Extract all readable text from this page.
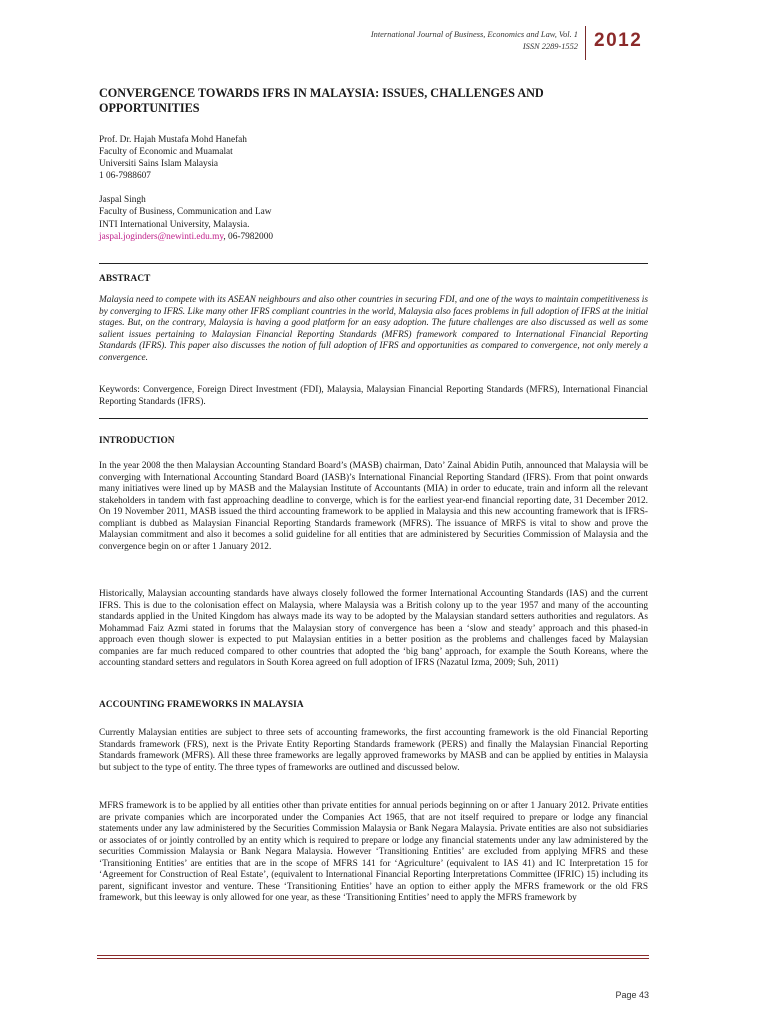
International Journal of Business, Economics and Law, Vol. 1
ISSN 2289-1552 2012
CONVERGENCE TOWARDS IFRS IN MALAYSIA: ISSUES, CHALLENGES AND OPPORTUNITIES
Prof. Dr. Hajah Mustafa Mohd Hanefah
Faculty of Economic and Muamalat
Universiti Sains Islam Malaysia
1 06-7988607
Jaspal Singh
Faculty of Business, Communication and Law
INTI International University, Malaysia.
jaspal.joginders@newinti.edu.my, 06-7982000
ABSTRACT

Malaysia need to compete with its ASEAN neighbours and also other countries in securing FDI, and one of the ways to maintain competitiveness is by converging to IFRS. Like many other IFRS compliant countries in the world, Malaysia also faces problems in full adoption of IFRS at the initial stages. But, on the contrary, Malaysia is having a good platform for an easy adoption. The future challenges are also discussed as well as some salient issues pertaining to Malaysian Financial Reporting Standards (MFRS) framework compared to International Financial Reporting Standards (IFRS). This paper also discusses the notion of full adoption of IFRS and opportunities as compared to convergence, not only merely a convergence.

Keywords: Convergence, Foreign Direct Investment (FDI), Malaysia, Malaysian Financial Reporting Standards (MFRS), International Financial Reporting Standards (IFRS).

INTRODUCTION

In the year 2008 the then Malaysian Accounting Standard Board’s (MASB) chairman, Dato’ Zainal Abidin Putih, announced that Malaysia will be converging with International Accounting Standard Board (IASB)’s International Financial Reporting Standard (IFRS). From that point onwards many initiatives were lined up by MASB and the Malaysian Institute of Accountants (MIA) in order to educate, train and inform all the relevant stakeholders in tandem with fast approaching deadline to converge, which is for the earliest year-end financial reporting date, 31 December 2012. On 19 November 2011, MASB issued the third accounting framework to be applied in Malaysia and this new accounting framework that is IFRS-compliant is dubbed as Malaysian Financial Reporting Standards framework (MFRS). The issuance of MRFS is vital to show and prove the Malaysian commitment and also it becomes a solid guideline for all entities that are administered by Securities Commission of Malaysia and the convergence begin on or after 1 January 2012.

Historically, Malaysian accounting standards have always closely followed the former International Accounting Standards (IAS) and the current IFRS. This is due to the colonisation effect on Malaysia, where Malaysia was a British colony up to the year 1957 and many of the accounting standards applied in the United Kingdom has always made its way to be adopted by the Malaysian standard setters authorities and regulators. As Mohammad Faiz Azmi stated in forums that the Malaysian story of convergence has been a ‘slow and steady’ approach and this phased-in approach even though slower is expected to put Malaysian entities in a better position as the problems and challenges faced by Malaysian companies are far much reduced compared to other countries that adopted the ‘big bang’ approach, for example the South Koreans, where the accounting standard setters and regulators in South Korea agreed on full adoption of IFRS (Nazatul Izma, 2009; Suh, 2011)

ACCOUNTING FRAMEWORKS IN MALAYSIA

Currently Malaysian entities are subject to three sets of accounting frameworks, the first accounting framework is the old Financial Reporting Standards framework (FRS), next is the Private Entity Reporting Standards framework (PERS) and finally the Malaysian Financial Reporting Standards framework (MFRS). All these three frameworks are legally approved frameworks by MASB and can be applied by entities in Malaysia but subject to the type of entity. The three types of frameworks are outlined and discussed below.

MFRS framework is to be applied by all entities other than private entities for annual periods beginning on or after 1 January 2012. Private entities are private companies which are incorporated under the Companies Act 1965, that are not itself required to prepare or lodge any financial statements under any law administered by the Securities Commission Malaysia or Bank Negara Malaysia. Private entities are also not subsidiaries or associates of or jointly controlled by an entity which is required to prepare or lodge any financial statements under any law administered by the securities Commission Malaysia or Bank Negara Malaysia. However ‘Transitioning Entities’ are excluded from applying MFRS and these ‘Transitioning Entities’ are entities that are in the scope of MFRS 141 for ‘Agriculture’ (equivalent to IAS 41) and IC Interpretation 15 for ‘Agreement for Construction of Real Estate’, (equivalent to International Financial Reporting Interpretations Committee (IFRIC) 15) including its parent, significant investor and venture. These ‘Transitioning Entities’ have an option to either apply the MFRS framework or the old FRS framework, but this leeway is only allowed for one year, as these ‘Transitioning Entities’ need to apply the MFRS framework by

Page 43
